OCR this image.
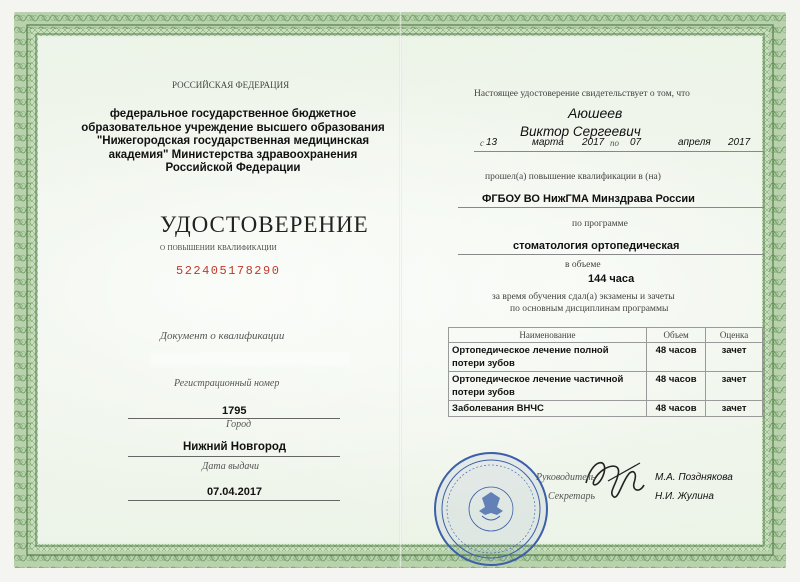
РОССИЙСКАЯ ФЕДЕРАЦИЯ
федеральное государственное бюджетное образовательное учреждение высшего образования "Нижегородская государственная медицинская академия" Министерства здравоохранения Российской Федерации
УДОСТОВЕРЕНИЕ
о повышении квалификации
522405178290
Документ о квалификации
Регистрационный номер
1795
Город
Нижний Новгород
Дата выдачи
07.04.2017
Настоящее удостоверение свидетельствует о том, что
Аюшеев
Виктор Сергеевич
с 13	марта 2017 по 07	апреля 2017
прошел(а) повышение квалификации в (на)
ФГБОУ ВО НижГМА Минздрава России
по программе
стоматология ортопедическая
в объеме
144 часа
за время обучения сдал(а) экзамены и зачеты
по основным дисциплинам программы
Наименование	Объем	Оценка
Ортопедическое лечение полной потери зубов	48 часов	зачет
Ортопедическое лечение частичной потери зубов	48 часов	зачет
Заболевания ВНЧС	48 часов	зачет
Руководитель
Секретарь
М.А. Позднякова
Н.И. Жулина
